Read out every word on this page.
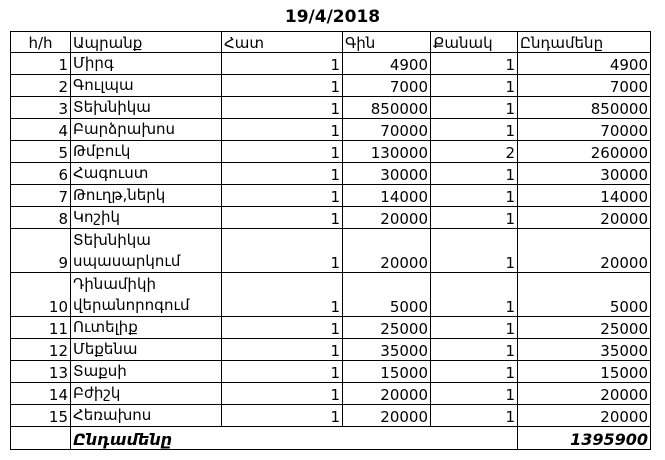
19/4/2018
h/h	Ապրանք	Հատ	Գին	Քանակ	Ընդամենը
1	Միրգ	1	4900	1	4900
2	Գուլպա	1	7000	1	7000
3	Տեխնիկա	1	850000	1	850000
4	Բարձրախոս	1	70000	1	70000
5	Թմբուկ	1	130000	2	260000
6	Հագուստ	1	30000	1	30000
7	Թուղթ,ներկ	1	14000	1	14000
8	Կոշիկ	1	20000	1	20000
9	Տեխնիկա սպասարկում	1	20000	1	20000
10	Դինամիկի վերանորոգում	1	5000	1	5000
11	Ուտելիք	1	25000	1	25000
12	Մեքենա	1	35000	1	35000
13	Տաքսի	1	15000	1	15000
14	Բժիշկ	1	20000	1	20000
15	Հեռախոս	1	20000	1	20000
	Ընդամենը				1395900
